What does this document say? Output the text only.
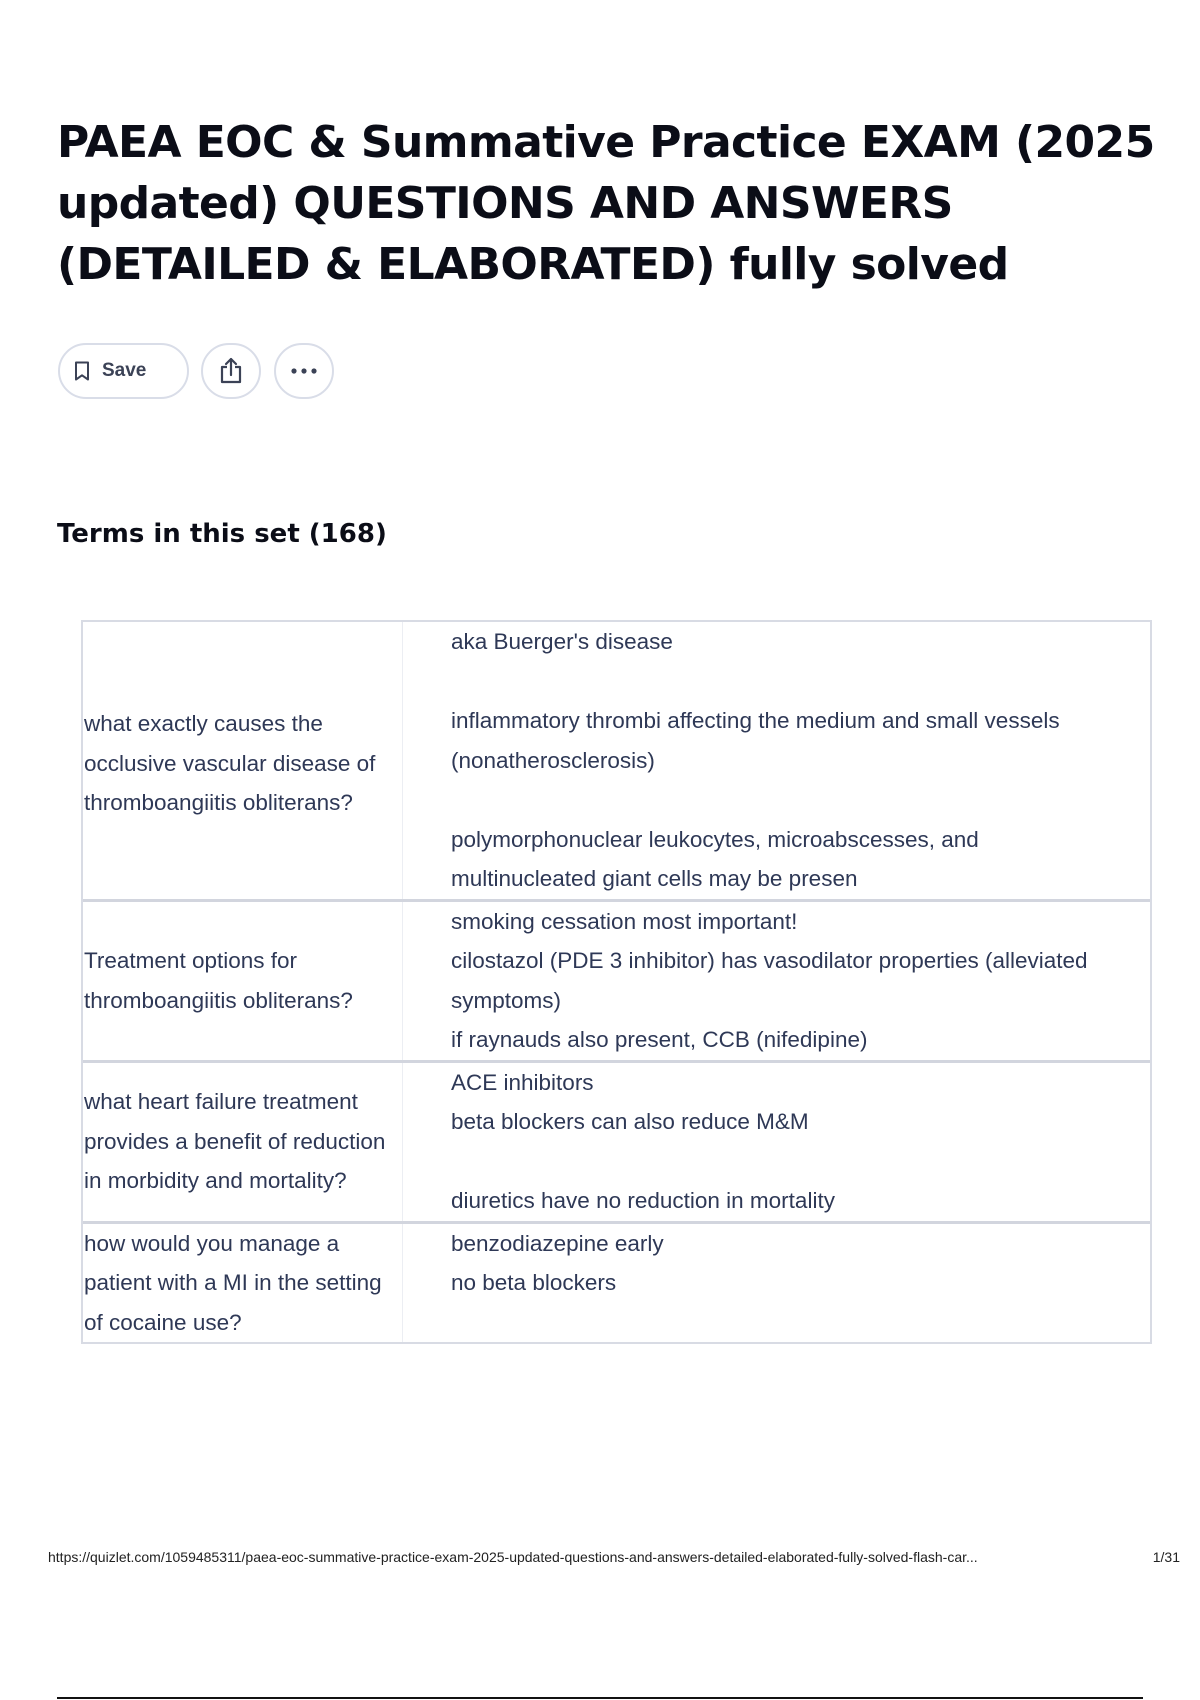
PAEA EOC & Summative Practice EXAM (2025 updated) QUESTIONS AND ANSWERS (DETAILED & ELABORATED) fully solved
Save
Terms in this set (168)
what exactly causes the occlusive vascular disease of thromboangiitis obliterans?
aka Buerger's disease
inflammatory thrombi affecting the medium and small vessels (nonatherosclerosis)
polymorphonuclear leukocytes, microabscesses, and multinucleated giant cells may be presen
Treatment options for thromboangiitis obliterans?
smoking cessation most important!
cilostazol (PDE 3 inhibitor) has vasodilator properties (alleviated symptoms)
if raynauds also present, CCB (nifedipine)
what heart failure treatment provides a benefit of reduction in morbidity and mortality?
ACE inhibitors
beta blockers can also reduce M&M
diuretics have no reduction in mortality
how would you manage a patient with a MI in the setting of cocaine use?
benzodiazepine early
no beta blockers
https://quizlet.com/1059485311/paea-eoc-summative-practice-exam-2025-updated-questions-and-answers-detailed-elaborated-fully-solved-flash-car...	1/31
